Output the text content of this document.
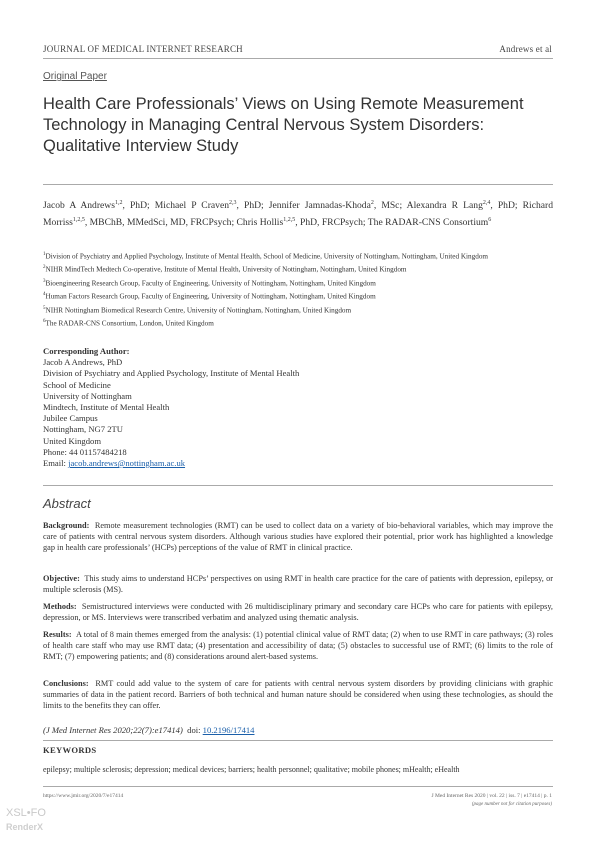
JOURNAL OF MEDICAL INTERNET RESEARCH	Andrews et al
Original Paper
Health Care Professionals’ Views on Using Remote Measurement Technology in Managing Central Nervous System Disorders: Qualitative Interview Study
Jacob A Andrews$^{1,2}$, PhD; Michael P Craven$^{2,3}$, PhD; Jennifer Jamnadas-Khoda$^2$, MSc; Alexandra R Lang$^{2,4}$, PhD; Richard Morriss$^{1,2,5}$, MBChB, MMedSci, MD, FRCPsych; Chris Hollis$^{1,2,5}$, PhD, FRCPsych; The RADAR-CNS Consortium$^6$

$^1$Division of Psychiatry and Applied Psychology, Institute of Mental Health, School of Medicine, University of Nottingham, Nottingham, United Kingdom

$^2$NIHR MindTech Medtech Co-operative, Institute of Mental Health, University of Nottingham, Nottingham, United Kingdom

$^3$Bioengineering Research Group, Faculty of Engineering, University of Nottingham, Nottingham, United Kingdom

$^4$Human Factors Research Group, Faculty of Engineering, University of Nottingham, Nottingham, United Kingdom

$^5$NIHR Nottingham Biomedical Research Centre, University of Nottingham, Nottingham, United Kingdom

$^6$The RADAR-CNS Consortium, London, United Kingdom

Corresponding Author:

Jacob A Andrews, PhD

Division of Psychiatry and Applied Psychology, Institute of Mental Health

School of Medicine

University of Nottingham

Mindtech, Institute of Mental Health

Jubilee Campus

Nottingham, NG7 2TU

United Kingdom

Phone: 44 01157484218

Email: jacob.andrews@nottingham.ac.uk

Abstract
Background: Remote measurement technologies (RMT) can be used to collect data on a variety of bio-behavioral variables, which may improve the care of patients with central nervous system disorders. Although various studies have explored their potential, prior work has highlighted a knowledge gap in health care professionals’ (HCPs) perceptions of the value of RMT in clinical practice.
Objective: This study aims to understand HCPs’ perspectives on using RMT in health care practice for the care of patients with depression, epilepsy, or multiple sclerosis (MS).
Methods: Semistructured interviews were conducted with 26 multidisciplinary primary and secondary care HCPs who care for patients with epilepsy, depression, or MS. Interviews were transcribed verbatim and analyzed using thematic analysis.
Results: A total of 8 main themes emerged from the analysis: (1) potential clinical value of RMT data; (2) when to use RMT in care pathways; (3) roles of health care staff who may use RMT data; (4) presentation and accessibility of data; (5) obstacles to successful use of RMT; (6) limits to the role of RMT; (7) empowering patients; and (8) considerations around alert-based systems.
Conclusions: RMT could add value to the system of care for patients with central nervous system disorders by providing clinicians with graphic summaries of data in the patient record. Barriers of both technical and human nature should be considered when using these technologies, as should the limits to the benefits they can offer.
(J Med Internet Res 2020;22(7):e17414) doi: 10.2196/17414
KEYWORDS
epilepsy; multiple sclerosis; depression; medical devices; barriers; health personnel; qualitative; mobile phones; mHealth; eHealth
https://www.jmir.org/2020/7/e17414	J Med Internet Res 2020 | vol. 22 | iss. 7 | e17414 | p. 1
(page number not for citation purposes)
XSL•FO
RenderX
